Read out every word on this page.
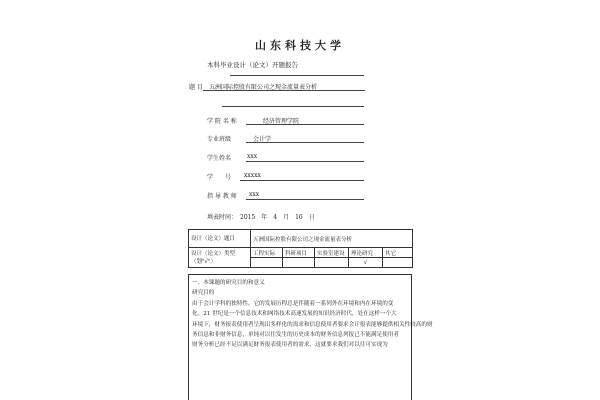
山东科技大学
本科毕业设计（论文）开题报告
题 目 五洲国际控股有限公司之现金流量表分析
学 院 名 称	经济管理学院
专业班级	会计学
学生姓名	xxx
学　　号 xxxxx
指 导 教 师 xxx
填表时间：　2015　年　4　月　16　日
设计（论文）题目	五洲国际控股有限公司之现金流量表分析				
设计（论文）类型（划"√"）	工程实际	科研项目	实验室建设	理论研究	其它
				√	
一、本课题的研究目的和意义
研究目的
由于会计学科的独特性，它的发展历程总是伴随着一系列外在环境和内在环境的变
化。21 世纪是一个信息技术和网络技术高速发展的知识经济时代，处在这样一个大
环境下，财务报表使用者呈现出多样化的需求和信息使用者要求会计报表能够提供相关性较高的财
务信息和非财务信息，单纯对以往发生的历史成本的财务信息列报已不能满足使用者
财务分析已经不足以满足财务报表使用者的需求，这就要求我们对以往可实现为
